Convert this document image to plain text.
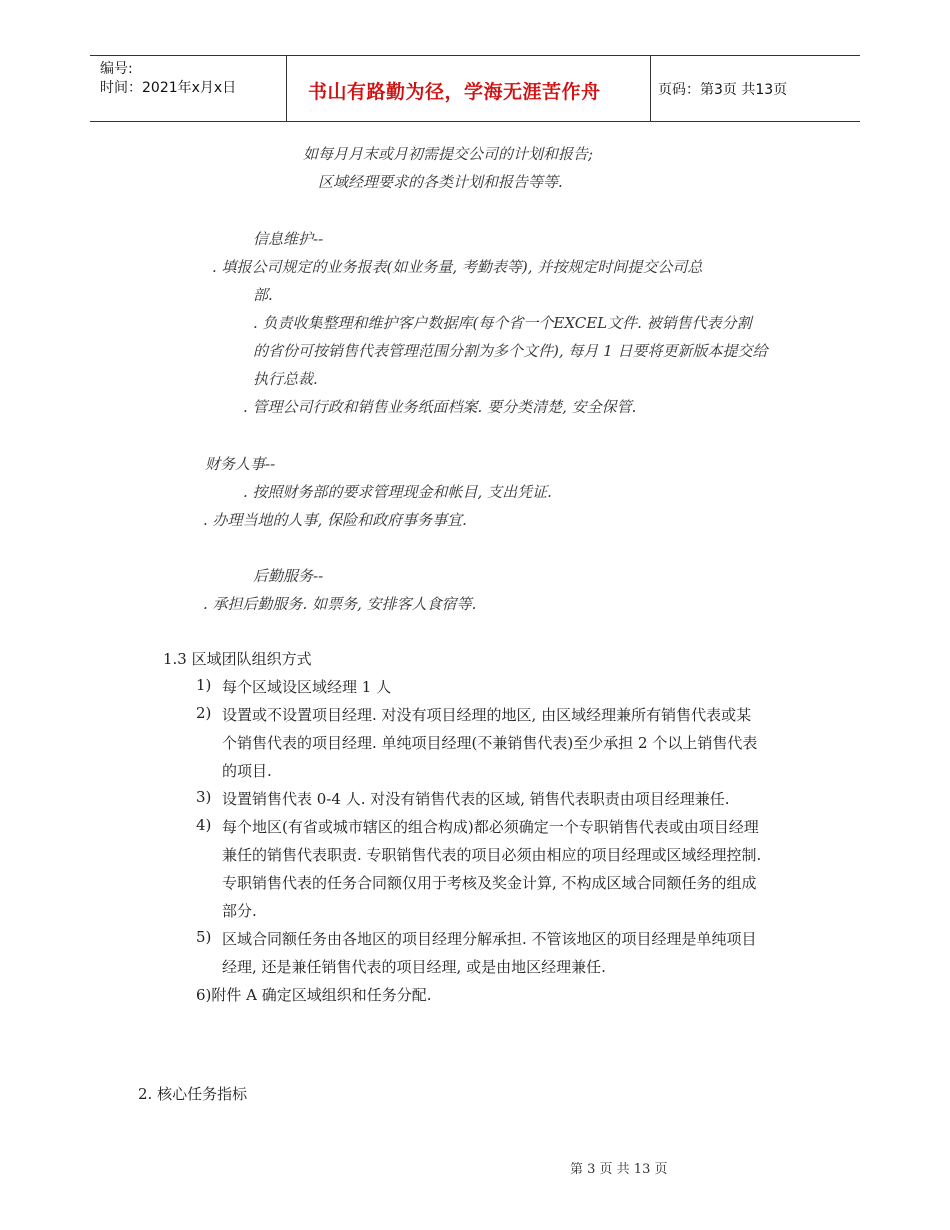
编号:
时间：2021年x月x日	书山有路勤为径，学海无涯苦作舟	页码：第3页 共13页
如每月月末或月初需提交公司的计划和报告;
区域经理要求的各类计划和报告等等.
信息维护--
. 填报公司规定的业务报表(如业务量, 考勤表等), 并按规定时间提交公司总
部.
. 负责收集整理和维护客户数据库(每个省一个EXCEL文件. 被销售代表分割
的省份可按销售代表管理范围分割为多个文件), 每月 1 日要将更新版本提交给
执行总裁.
. 管理公司行政和销售业务纸面档案. 要分类清楚, 安全保管.
财务人事--
. 按照财务部的要求管理现金和帐目, 支出凭证.
. 办理当地的人事, 保险和政府事务事宜.
后勤服务--
. 承担后勤服务. 如票务, 安排客人食宿等.
1.3 区域团队组织方式
1) 每个区域设区域经理 1 人
2) 设置或不设置项目经理. 对没有项目经理的地区, 由区域经理兼所有销售代表或某
个销售代表的项目经理. 单纯项目经理(不兼销售代表)至少承担 2 个以上销售代表
的项目.
3) 设置销售代表 0-4 人. 对没有销售代表的区域, 销售代表职责由项目经理兼任.
4) 每个地区(有省或城市辖区的组合构成)都必须确定一个专职销售代表或由项目经理
兼任的销售代表职责. 专职销售代表的项目必须由相应的项目经理或区域经理控制.
专职销售代表的任务合同额仅用于考核及奖金计算, 不构成区域合同额任务的组成
部分.
5) 区域合同额任务由各地区的项目经理分解承担. 不管该地区的项目经理是单纯项目
经理, 还是兼任销售代表的项目经理, 或是由地区经理兼任.
6)附件 A 确定区域组织和任务分配.
2. 核心任务指标
第 3 页 共 13 页
